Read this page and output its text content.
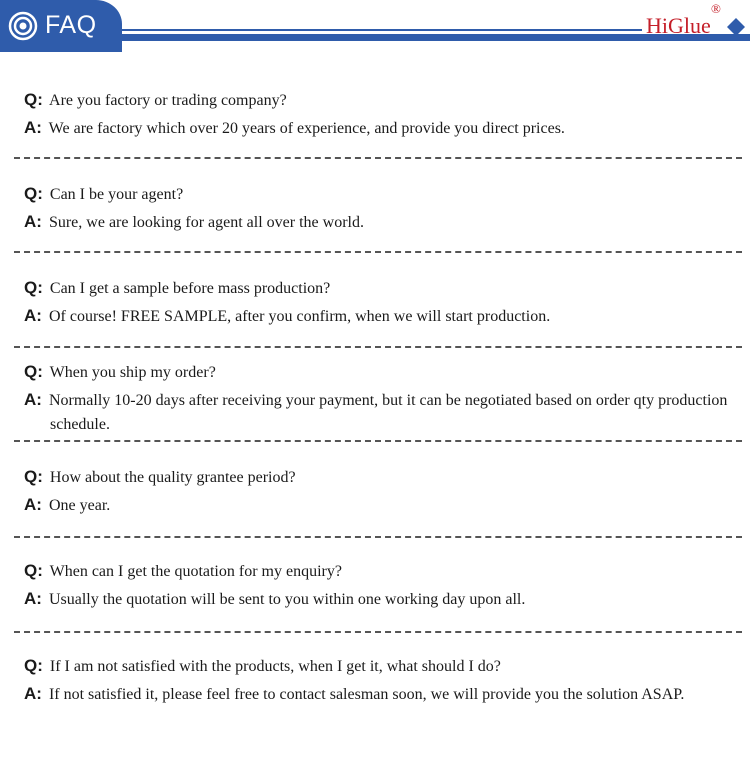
FAQ	HiGlue
®
Q: Are you factory or trading company?
A: We are factory which over 20 years of experience, and provide you direct prices.
Q: Can I be your agent?
A: Sure, we are looking for agent all over the world.
Q: Can I get a sample before mass production?
A: Of course! FREE SAMPLE, after you confirm, when we will start production.
Q: When you ship my order?
A: Normally 10-20 days after receiving your payment, but it can be negotiated based on order qty production schedule.
Q: How about the quality grantee period?
A: One year.
Q: When can I get the quotation for my enquiry?
A: Usually the quotation will be sent to you within one working day upon all.
Q: If I am not satisfied with the products, when I get it, what should I do?
A: If not satisfied it, please feel free to contact salesman soon, we will provide you the solution ASAP.
